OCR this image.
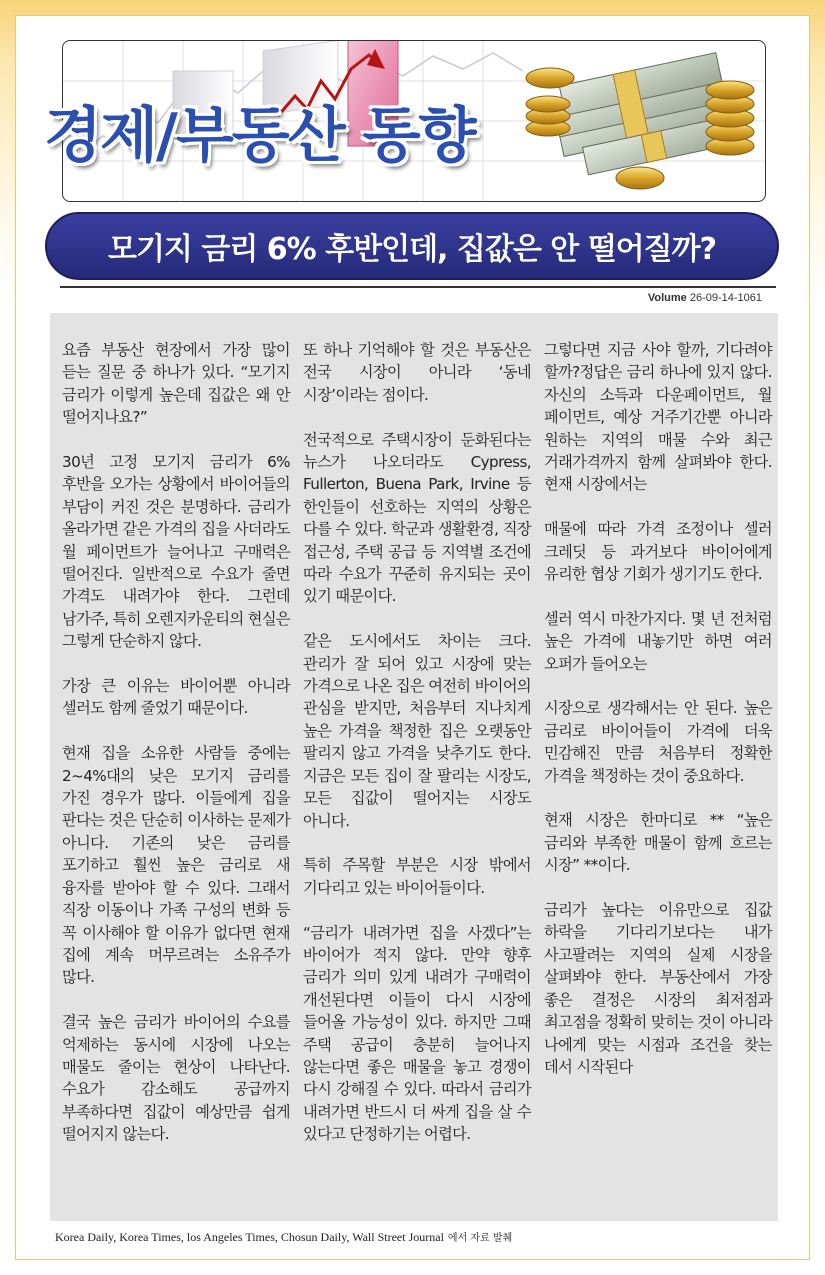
경제/부동산 동향
모기지 금리 6% 후반인데, 집값은 안 떨어질까?
Volume 26-09-14-1061

요즘 부동산 현장에서 가장 많이 듣는 질문 중 하나가 있다. “모기지 금리가 이렇게 높은데 집값은 왜 안 떨어지나요?”

30년 고정 모기지 금리가 6% 후반을 오가는 상황에서 바이어들의 부담이 커진 것은 분명하다. 금리가 올라가면 같은 가격의 집을 사더라도 월 페이먼트가 늘어나고 구매력은 떨어진다. 일반적으로 수요가 줄면 가격도 내려가야 한다. 그런데 남가주, 특히 오렌지카운티의 현실은 그렇게 단순하지 않다.

가장 큰 이유는 바이어뿐 아니라 셀러도 함께 줄었기 때문이다.

현재 집을 소유한 사람들 중에는 2~4%대의 낮은 모기지 금리를 가진 경우가 많다. 이들에게 집을 판다는 것은 단순히 이사하는 문제가 아니다. 기존의 낮은 금리를 포기하고 훨씬 높은 금리로 새 융자를 받아야 할 수 있다. 그래서 직장 이동이나 가족 구성의 변화 등 꼭 이사해야 할 이유가 없다면 현재 집에 계속 머무르려는 소유주가 많다.

결국 높은 금리가 바이어의 수요를 억제하는 동시에 시장에 나오는 매물도 줄이는 현상이 나타난다. 수요가 감소해도 공급까지 부족하다면 집값이 예상만큼 쉽게 떨어지지 않는다.

또 하나 기억해야 할 것은 부동산은 전국 시장이 아니라 ‘동네 시장’이라는 점이다.

전국적으로 주택시장이 둔화된다는 뉴스가 나오더라도 Cypress, Fullerton, Buena Park, Irvine 등 한인들이 선호하는 지역의 상황은 다를 수 있다. 학군과 생활환경, 직장 접근성, 주택 공급 등 지역별 조건에 따라 수요가 꾸준히 유지되는 곳이 있기 때문이다.

같은 도시에서도 차이는 크다. 관리가 잘 되어 있고 시장에 맞는 가격으로 나온 집은 여전히 바이어의 관심을 받지만, 처음부터 지나치게 높은 가격을 책정한 집은 오랫동안 팔리지 않고 가격을 낮추기도 한다. 지금은 모든 집이 잘 팔리는 시장도, 모든 집값이 떨어지는 시장도 아니다.

특히 주목할 부분은 시장 밖에서 기다리고 있는 바이어들이다.

“금리가 내려가면 집을 사겠다”는 바이어가 적지 않다. 만약 향후 금리가 의미 있게 내려가 구매력이 개선된다면 이들이 다시 시장에 들어올 가능성이 있다. 하지만 그때 주택 공급이 충분히 늘어나지 않는다면 좋은 매물을 놓고 경쟁이 다시 강해질 수 있다. 따라서 금리가 내려가면 반드시 더 싸게 집을 살 수 있다고 단정하기는 어렵다.

그렇다면 지금 사야 할까, 기다려야 할까?정답은 금리 하나에 있지 않다. 자신의 소득과 다운페이먼트, 월 페이먼트, 예상 거주기간뿐 아니라 원하는 지역의 매물 수와 최근 거래가격까지 함께 살펴봐야 한다. 현재 시장에서는

매물에 따라 가격 조정이나 셀러 크레딧 등 과거보다 바이어에게 유리한 협상 기회가 생기기도 한다.

셀러 역시 마찬가지다. 몇 년 전처럼 높은 가격에 내놓기만 하면 여러 오퍼가 들어오는

시장으로 생각해서는 안 된다. 높은 금리로 바이어들이 가격에 더욱 민감해진 만큼 처음부터 정확한 가격을 책정하는 것이 중요하다.

현재 시장은 한마디로 ** “높은 금리와 부족한 매물이 함께 흐르는 시장” **이다.

금리가 높다는 이유만으로 집값 하락을 기다리기보다는 내가 사고팔려는 지역의 실제 시장을 살펴봐야 한다. 부동산에서 가장 좋은 결정은 시장의 최저점과 최고점을 정확히 맞히는 것이 아니라 나에게 맞는 시점과 조건을 찾는 데서 시작된다

Korea Daily, Korea Times, los Angeles Times, Chosun Daily, Wall Street Journal 에서 자료 발췌
